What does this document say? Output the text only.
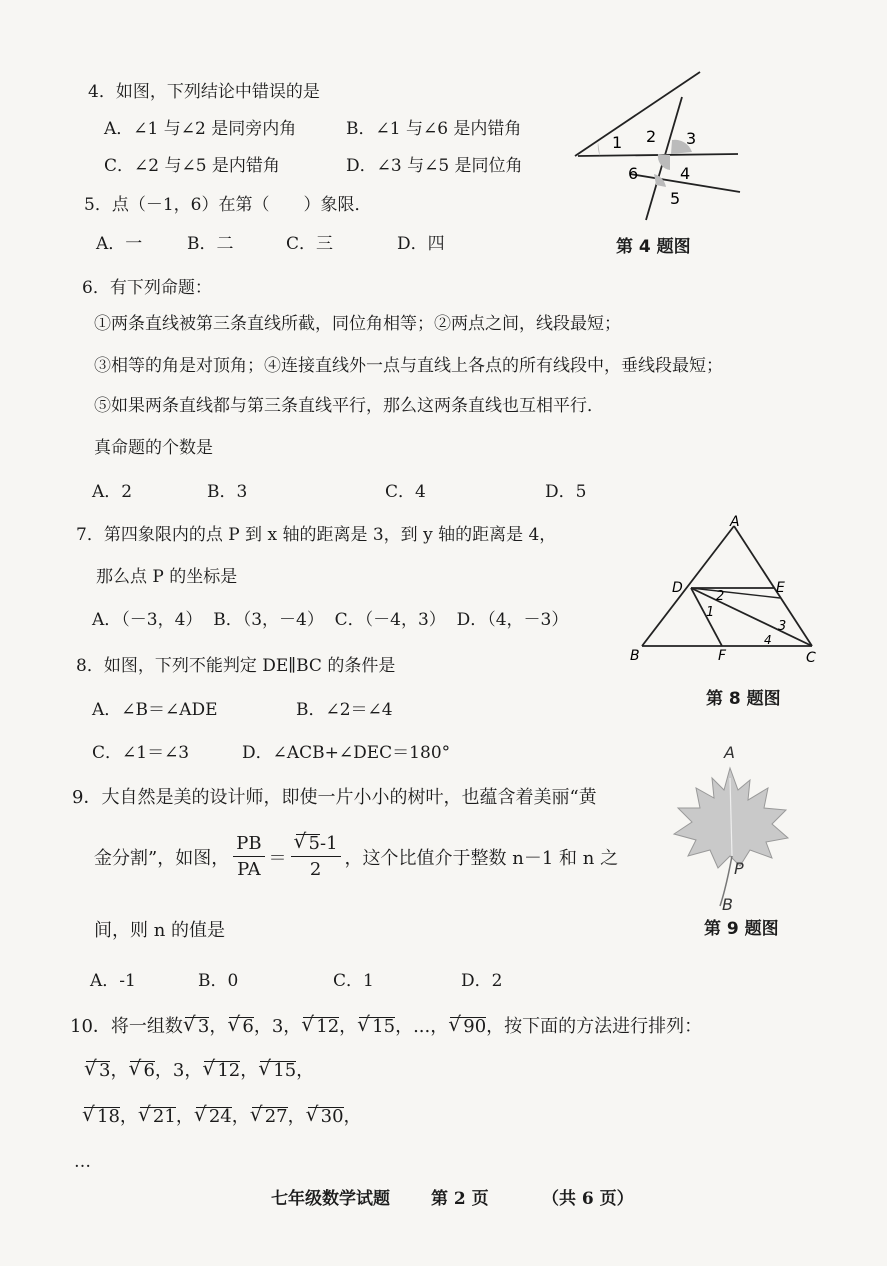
4．如图，下列结论中错误的是
A．∠1 与∠2 是同旁内角	B．∠1 与∠6 是内错角
C．∠2 与∠5 是内错角	D．∠3 与∠5 是同位角
1 2 3
4
5
6
第 4 题图
5．点（－1，6）在第（　　）象限．
A．一	B．二	C．三	D．四
6．有下列命题：
①两条直线被第三条直线所截，同位角相等；②两点之间，线段最短；
③相等的角是对顶角；④连接直线外一点与直线上各点的所有线段中，垂线段最短；
⑤如果两条直线都与第三条直线平行，那么这两条直线也互相平行．
真命题的个数是
A．2	B．3	C．4	D．5
7．第四象限内的点 P 到 x 轴的距离是 3，到 y 轴的距离是 4，
那么点 P 的坐标是
A．（－3，4）  B．（3，－4）  C．（－4，3）  D．（4，－3）
A
D	E
B	F	C
1
2
3
4
第 8 题图
8．如图，下列不能判定 DE∥BC 的条件是
A．∠B＝∠ADE	B．∠2＝∠4
C．∠1＝∠3	D．∠ACB+∠DEC＝180°	A
P
B
第 9 题图
9．大自然是美的设计师，即使一片小小的树叶，也蕴含着美丽“黄
金分割”，如图， $\frac{PB}{PA}$ ＝ √ $\frac{5-1}{2}$ ，这个比值介于整数 n－1 和 n 之
间，则 n 的值是
A．-1	B．0	C．1	D．2
10．将一组数 √ 3， √ 6，3， √ 12， √ 15，...， √ 90，按下面的方法进行排列：
√ 3， √ 6，3， √ 12， √ 15，
√ 18， √ 21， √ 24， √ 27， √ 30，
…
七年级数学试题 第 2 页	（共 6 页）
